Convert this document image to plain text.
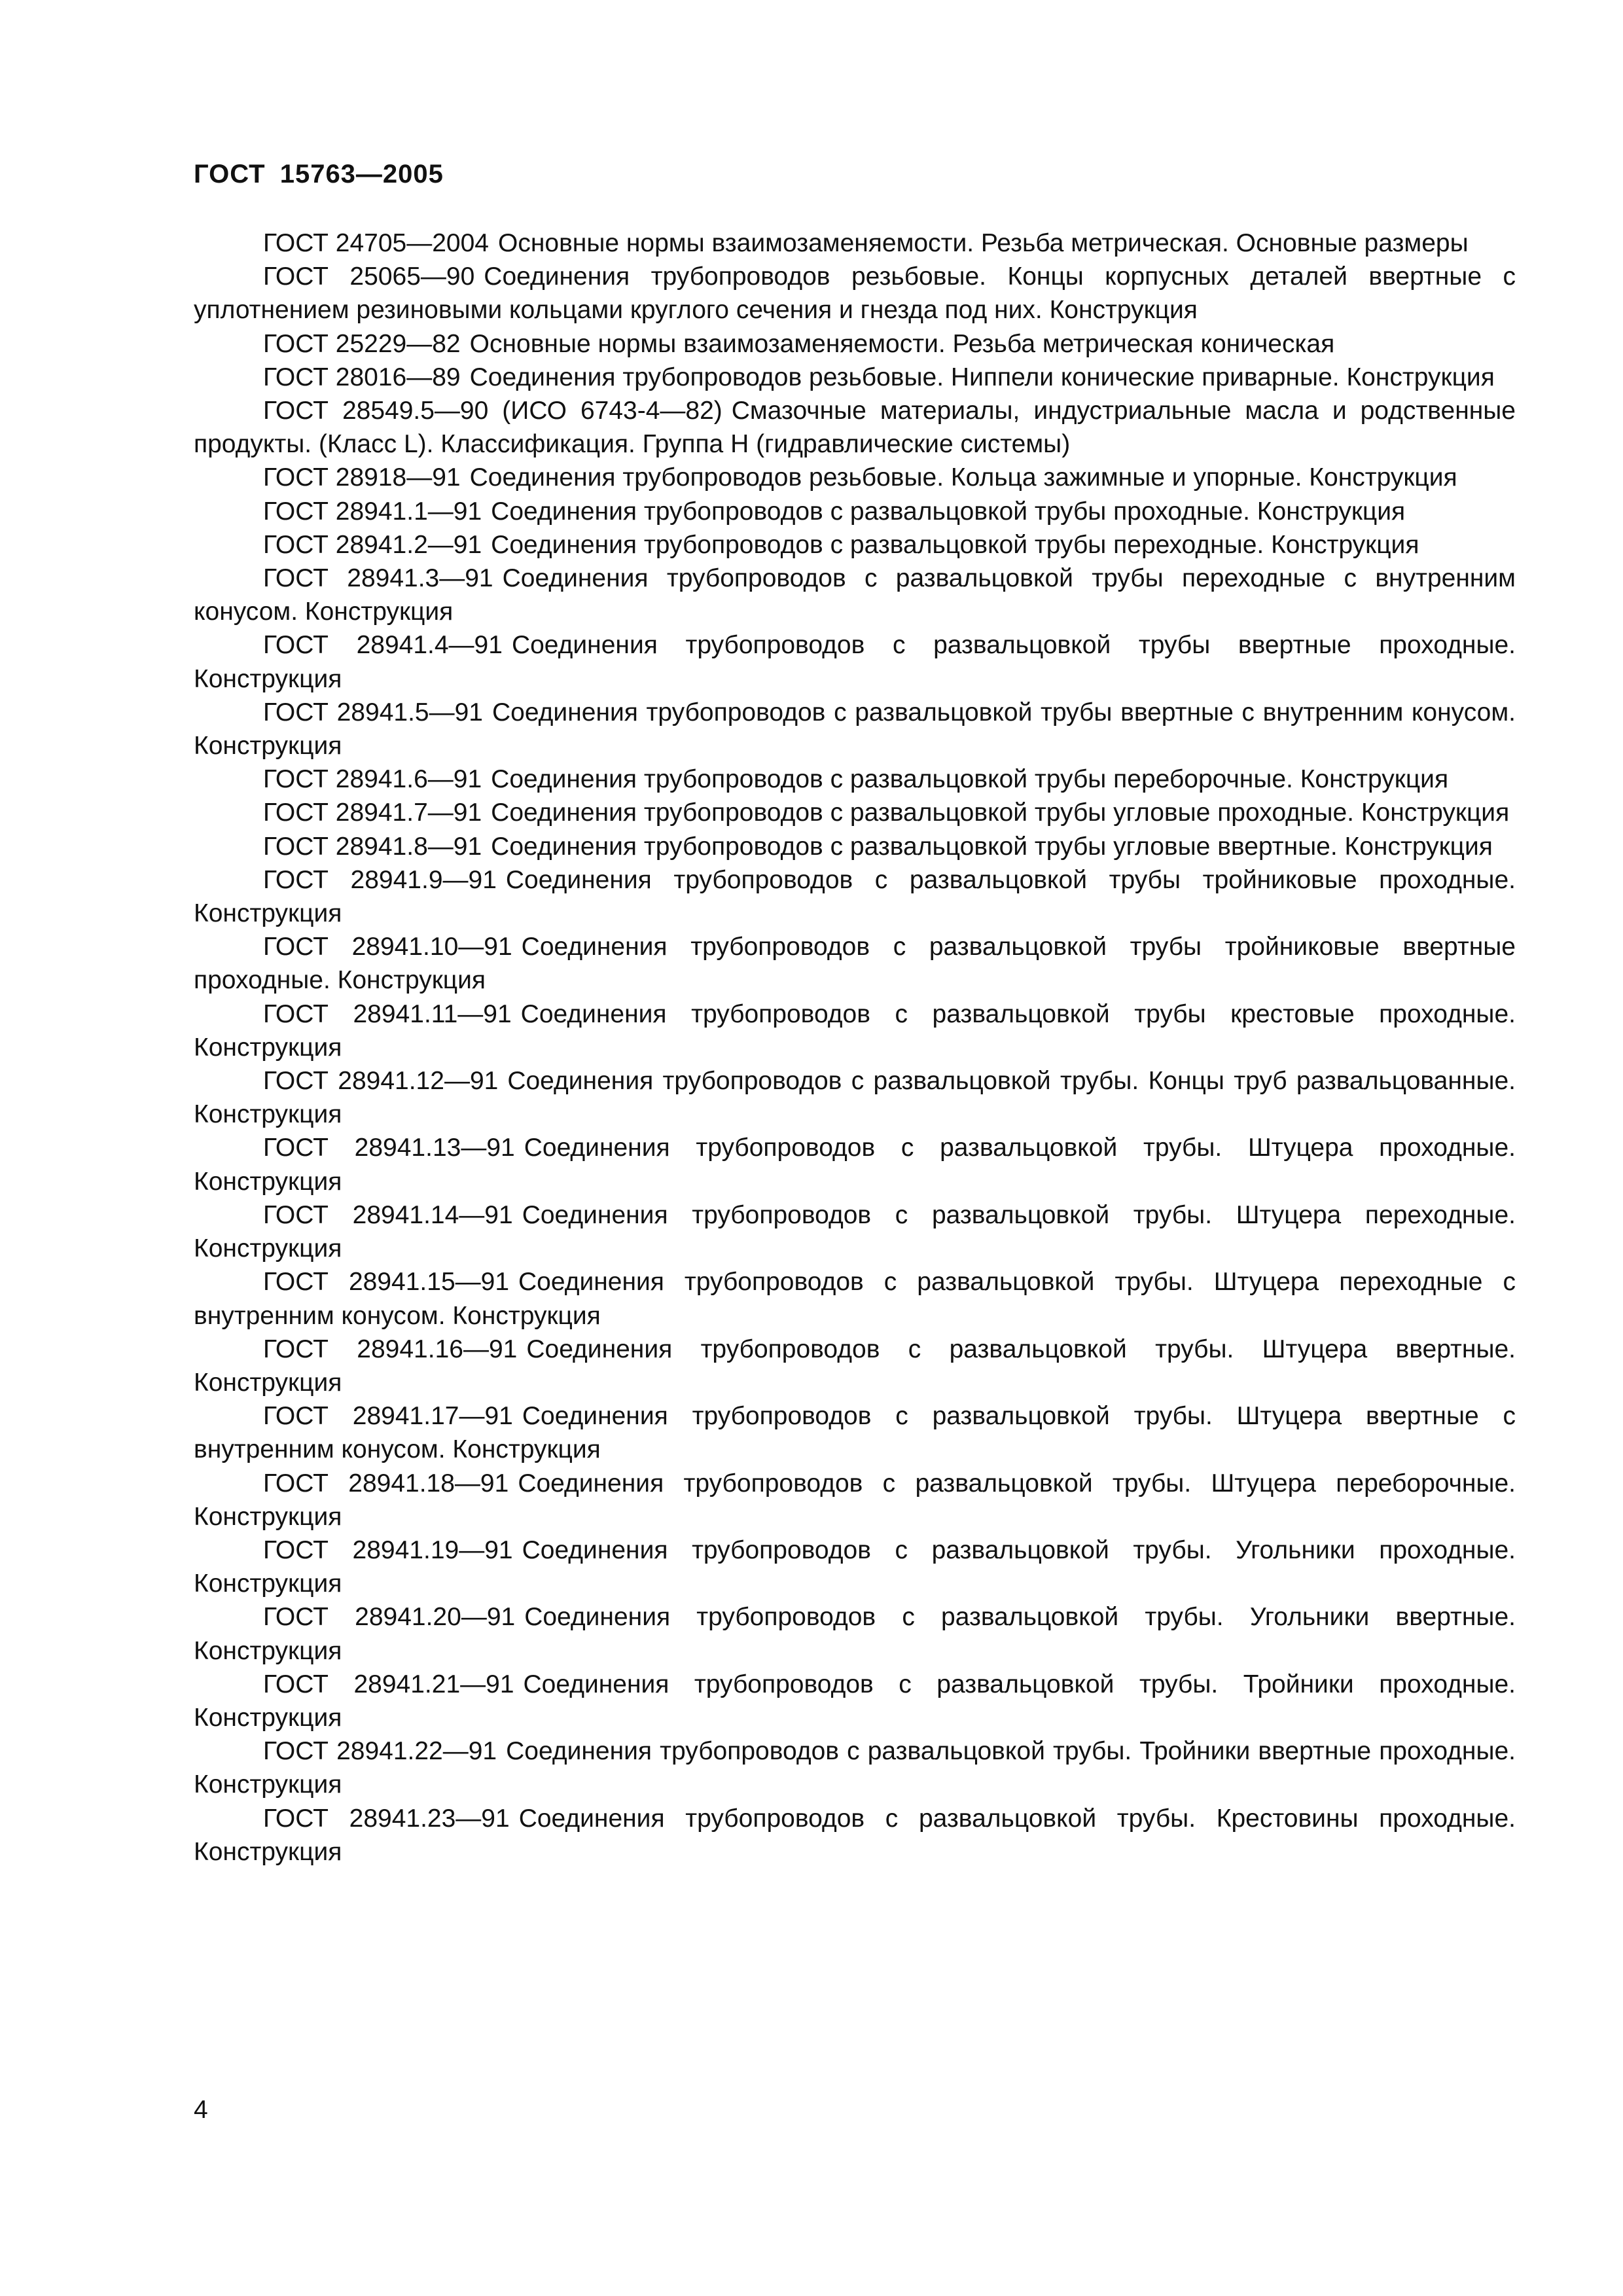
ГОСТ 15763—2005

ГОСТ 24705—2004 Основные нормы взаимозаменяемости. Резьба метрическая. Основные размеры

ГОСТ 25065—90 Соединения трубопроводов резьбовые. Концы корпусных деталей ввертные с уплотнением резиновыми кольцами круглого сечения и гнезда под них. Конструкция

ГОСТ 25229—82 Основные нормы взаимозаменяемости. Резьба метрическая коническая

ГОСТ 28016—89 Соединения трубопроводов резьбовые. Ниппели конические приварные. Конструкция

ГОСТ 28549.5—90 (ИСО 6743-4—82) Смазочные материалы, индустриальные масла и родственные продукты. (Класс L). Классификация. Группа H (гидравлические системы)

ГОСТ 28918—91 Соединения трубопроводов резьбовые. Кольца зажимные и упорные. Конструкция

ГОСТ 28941.1—91 Соединения трубопроводов с развальцовкой трубы проходные. Конструкция

ГОСТ 28941.2—91 Соединения трубопроводов с развальцовкой трубы переходные. Конструкция

ГОСТ 28941.3—91 Соединения трубопроводов с развальцовкой трубы переходные с внутренним конусом. Конструкция

ГОСТ 28941.4—91 Соединения трубопроводов с развальцовкой трубы ввертные проходные. Конструкция

ГОСТ 28941.5—91 Соединения трубопроводов с развальцовкой трубы ввертные с внутренним конусом. Конструкция

ГОСТ 28941.6—91 Соединения трубопроводов с развальцовкой трубы переборочные. Конструкция

ГОСТ 28941.7—91 Соединения трубопроводов с развальцовкой трубы угловые проходные. Конструкция

ГОСТ 28941.8—91 Соединения трубопроводов с развальцовкой трубы угловые ввертные. Конструкция

ГОСТ 28941.9—91 Соединения трубопроводов с развальцовкой трубы тройниковые проходные. Конструкция

ГОСТ 28941.10—91 Соединения трубопроводов с развальцовкой трубы тройниковые ввертные проходные. Конструкция

ГОСТ 28941.11—91 Соединения трубопроводов с развальцовкой трубы крестовые проходные. Конструкция

ГОСТ 28941.12—91 Соединения трубопроводов с развальцовкой трубы. Концы труб развальцованные. Конструкция

ГОСТ 28941.13—91 Соединения трубопроводов с развальцовкой трубы. Штуцера проходные. Конструкция

ГОСТ 28941.14—91 Соединения трубопроводов с развальцовкой трубы. Штуцера переходные. Конструкция

ГОСТ 28941.15—91 Соединения трубопроводов с развальцовкой трубы. Штуцера переходные с внутренним конусом. Конструкция

ГОСТ 28941.16—91 Соединения трубопроводов с развальцовкой трубы. Штуцера ввертные. Конструкция

ГОСТ 28941.17—91 Соединения трубопроводов с развальцовкой трубы. Штуцера ввертные с внутренним конусом. Конструкция

ГОСТ 28941.18—91 Соединения трубопроводов с развальцовкой трубы. Штуцера переборочные. Конструкция

ГОСТ 28941.19—91 Соединения трубопроводов с развальцовкой трубы. Угольники проходные. Конструкция

ГОСТ 28941.20—91 Соединения трубопроводов с развальцовкой трубы. Угольники ввертные. Конструкция

ГОСТ 28941.21—91 Соединения трубопроводов с развальцовкой трубы. Тройники проходные. Конструкция

ГОСТ 28941.22—91 Соединения трубопроводов с развальцовкой трубы. Тройники ввертные проходные. Конструкция

ГОСТ 28941.23—91 Соединения трубопроводов с развальцовкой трубы. Крестовины проходные. Конструкция

4
